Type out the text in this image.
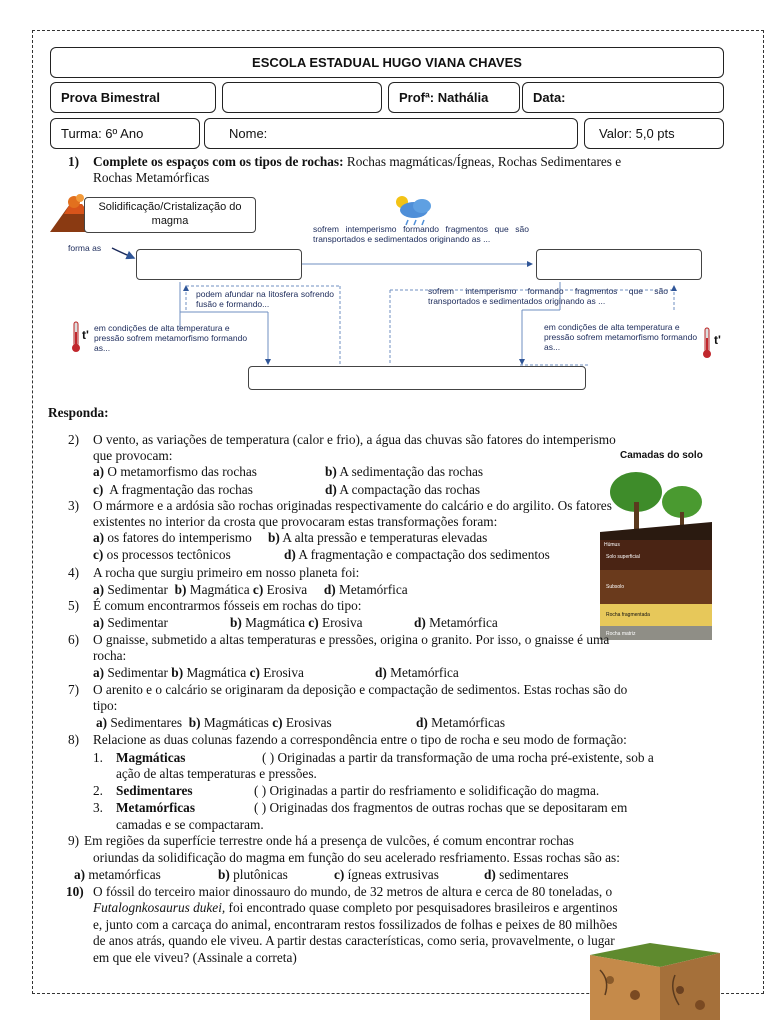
ESCOLA ESTADUAL HUGO VIANA CHAVES
Prova Bimestral	Profª: Nathália	Data:
Turma: 6º Ano	Nome:	Valor: 5,0 pts
1) Complete os espaços com os tipos de rochas: Rochas magmáticas/Ígneas, Rochas Sedimentares e
Rochas Metamórficas
Solidificação/Cristalização do magma
forma as
sofrem intemperismo formando fragmentos que são transportados e sedimentados originando as ...
podem afundar na litosfera sofrendo fusão e formando...
sofrem intemperismo formando fragmentos que são transportados e sedimentados originando as ...
em condições de alta temperatura e pressão sofrem metamorfismo formando as...
em condições de alta temperatura e pressão sofrem metamorfismo formando as...
t'	t'
Responda:
Camadas do solo
Húmus
Solo superficial
Subsolo
Rocha fragmentada
Rocha matriz
2) O vento, as variações de temperatura (calor e frio), a água das chuvas são fatores do intemperismo
que provocam:
a) O metamorfismo das rochas	b) A sedimentação das rochas
c) A fragmentação das rochas	d) A compactação das rochas
3) O mármore e a ardósia são rochas originadas respectivamente do calcário e do argilito. Os fatores
existentes no interior da crosta que provocaram estas transformações foram:
a) os fatores do intemperismo b) A alta pressão e temperaturas elevadas
c) os processos tectônicos	d) A fragmentação e compactação dos sedimentos
4) A rocha que surgiu primeiro em nosso planeta foi:
a) Sedimentar b) Magmática c) Erosiva d) Metamórfica
5) É comum encontrarmos fósseis em rochas do tipo:
a) Sedimentar	b) Magmática c) Erosiva	d) Metamórfica
6) O gnaisse, submetido a altas temperaturas e pressões, origina o granito. Por isso, o gnaisse é uma
rocha:
a) Sedimentar b) Magmática c) Erosiva	d) Metamórfica
7) O arenito e o calcário se originaram da deposição e compactação de sedimentos. Estas rochas são do
tipo:
a) Sedimentares b) Magmáticas c) Erosivas	d) Metamórficas
8) Relacione as duas colunas fazendo a correspondência entre o tipo de rocha e seu modo de formação:
1. Magmáticas	( ) Originadas a partir da transformação de uma rocha pré-existente, sob a
ação de altas temperaturas e pressões.
2. Sedimentares	( ) Originadas a partir do resfriamento e solidificação do magma.
3. Metamórficas	( ) Originadas dos fragmentos de outras rochas que se depositaram em
camadas e se compactaram.
9) Em regiões da superfície terrestre onde há a presença de vulcões, é comum encontrar rochas
oriundas da solidificação do magma em função do seu acelerado resfriamento. Essas rochas são as:
a) metamórficas	b) plutônicas	c) ígneas extrusivas	d) sedimentares
10) O fóssil do terceiro maior dinossauro do mundo, de 32 metros de altura e cerca de 80 toneladas, o
Futalognkosaurus dukei, foi encontrado quase completo por pesquisadores brasileiros e argentinos
e, junto com a carcaça do animal, encontraram restos fossilizados de folhas e peixes de 80 milhões
de anos atrás, quando ele viveu. A partir destas características, como seria, provavelmente, o lugar
em que ele viveu? (Assinale a correta)
